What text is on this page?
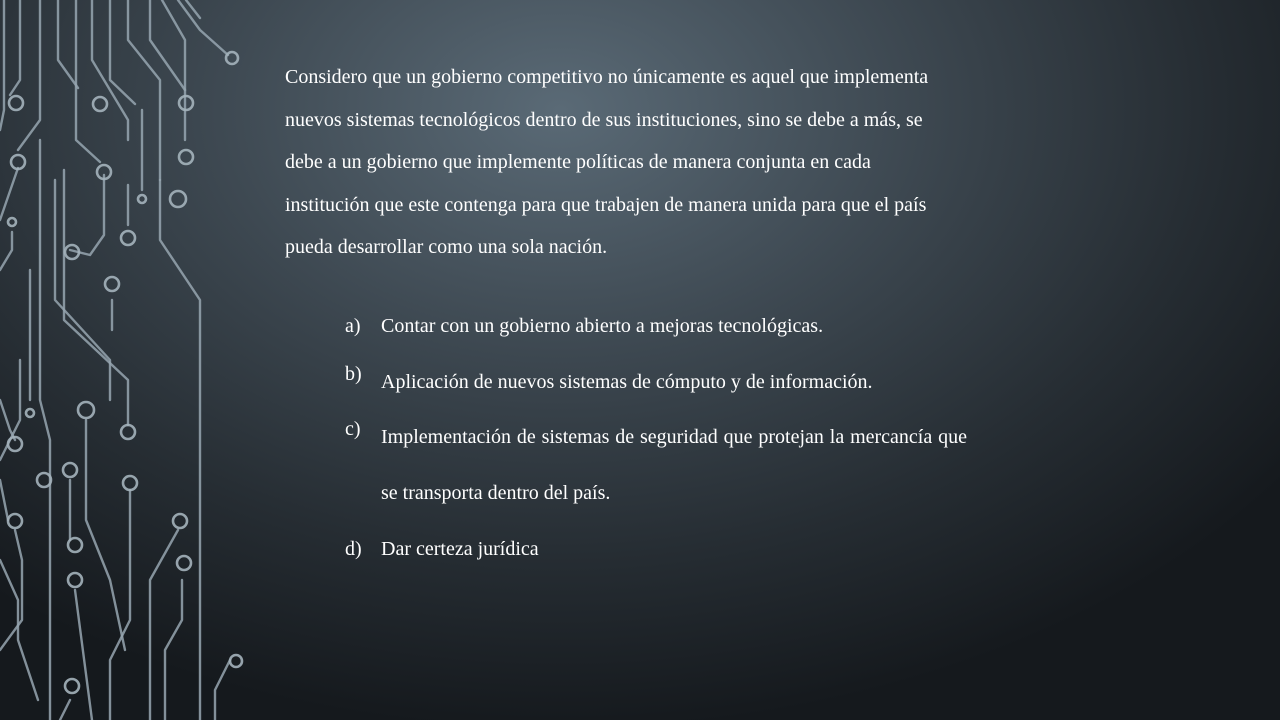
Considero que un gobierno competitivo no únicamente es aquel que implementa
nuevos sistemas tecnológicos dentro de sus instituciones, sino se debe a más, se
debe a un gobierno que implemente políticas de manera conjunta en cada
institución que este contenga para que trabajen de manera unida para que el país
pueda desarrollar como una sola nación.

a) Contar con un gobierno abierto a mejoras tecnológicas.
b) Aplicación de nuevos sistemas de cómputo y de información.
c) Implementación de sistemas de seguridad que protejan la mercancía que se transporta dentro del país.
d) Dar certeza jurídica
